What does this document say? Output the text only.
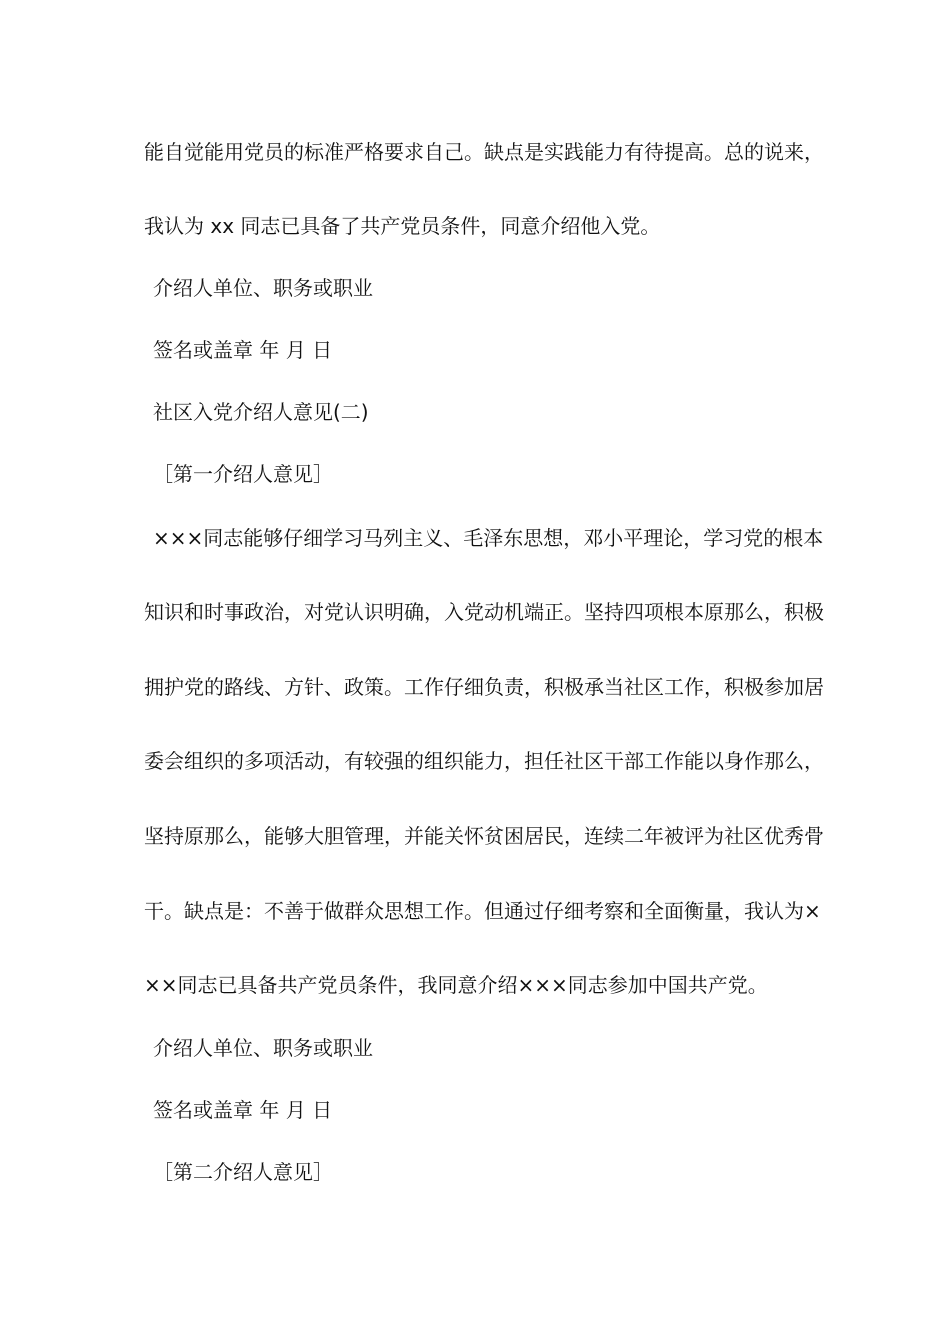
能自觉能用党员的标准严格要求自己。缺点是实践能力有待提高。总的说来，
我认为 xx 同志已具备了共产党员条件，同意介绍他入党。
介绍人单位、职务或职业
签名或盖章 年 月 日
社区入党介绍人意见(二)
［第一介绍人意见］
×××同志能够仔细学习马列主义、毛泽东思想，邓小平理论，学习党的根本
知识和时事政治，对党认识明确，入党动机端正。坚持四项根本原那么，积极
拥护党的路线、方针、政策。工作仔细负责，积极承当社区工作，积极参加居
委会组织的多项活动，有较强的组织能力，担任社区干部工作能以身作那么，
坚持原那么，能够大胆管理，并能关怀贫困居民，连续二年被评为社区优秀骨
干。缺点是：不善于做群众思想工作。但通过仔细考察和全面衡量，我认为×
××同志已具备共产党员条件，我同意介绍×××同志参加中国共产党。
介绍人单位、职务或职业
签名或盖章 年 月 日
［第二介绍人意见］
